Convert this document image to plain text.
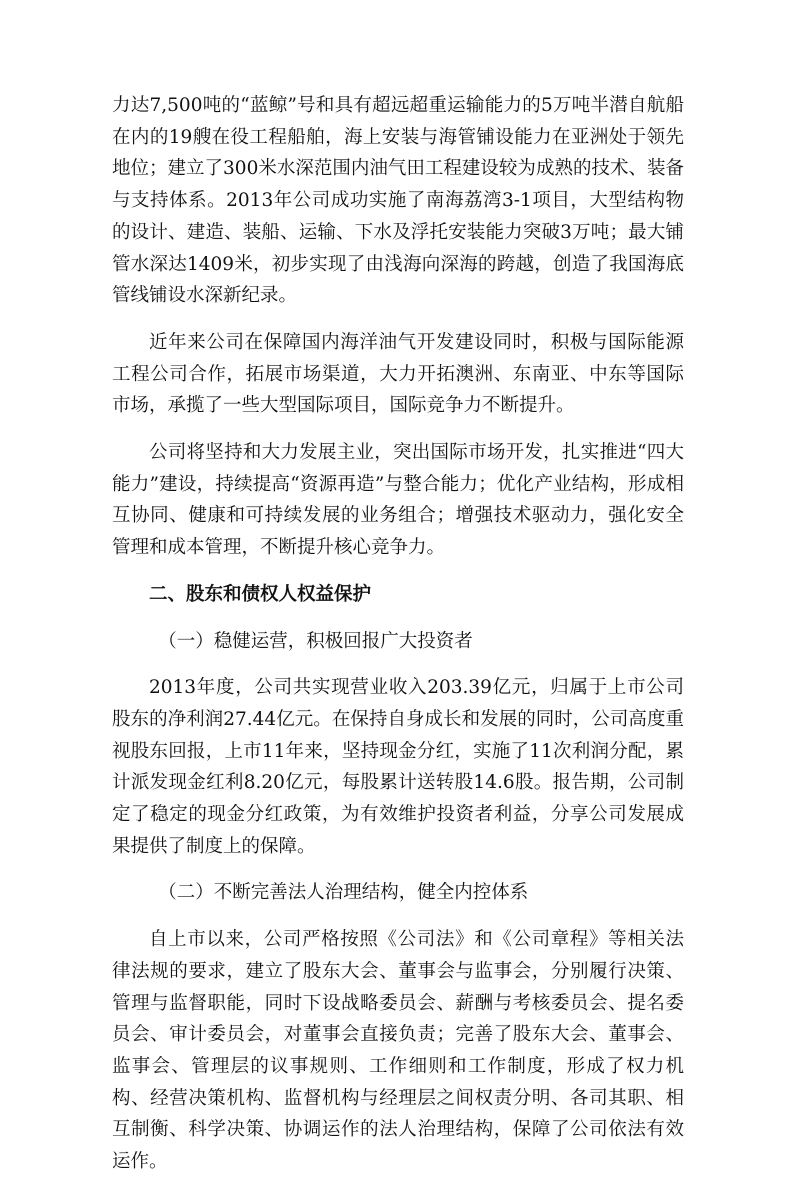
力达7,500吨的“蓝鲸”号和具有超远超重运输能力的5万吨半潜自航船在内的19艘在役工程船舶，海上安装与海管铺设能力在亚洲处于领先地位；建立了300米水深范围内油气田工程建设较为成熟的技术、装备与支持体系。2013年公司成功实施了南海荔湾3-1项目，大型结构物的设计、建造、装船、运输、下水及浮托安装能力突破3万吨；最大铺管水深达1409米，初步实现了由浅海向深海的跨越，创造了我国海底管线铺设水深新纪录。

近年来公司在保障国内海洋油气开发建设同时，积极与国际能源工程公司合作，拓展市场渠道，大力开拓澳洲、东南亚、中东等国际市场，承揽了一些大型国际项目，国际竞争力不断提升。

公司将坚持和大力发展主业，突出国际市场开发，扎实推进“四大能力”建设，持续提高“资源再造”与整合能力；优化产业结构，形成相互协同、健康和可持续发展的业务组合；增强技术驱动力，强化安全管理和成本管理，不断提升核心竞争力。

二、股东和债权人权益保护

（一）稳健运营，积极回报广大投资者

2013年度，公司共实现营业收入203.39亿元，归属于上市公司股东的净利润27.44亿元。在保持自身成长和发展的同时，公司高度重视股东回报，上市11年来，坚持现金分红，实施了11次利润分配，累计派发现金红利8.20亿元，每股累计送转股14.6股。报告期，公司制定了稳定的现金分红政策，为有效维护投资者利益，分享公司发展成果提供了制度上的保障。

（二）不断完善法人治理结构，健全内控体系

自上市以来，公司严格按照《公司法》和《公司章程》等相关法律法规的要求，建立了股东大会、董事会与监事会，分别履行决策、管理与监督职能，同时下设战略委员会、薪酬与考核委员会、提名委员会、审计委员会，对董事会直接负责；完善了股东大会、董事会、监事会、管理层的议事规则、工作细则和工作制度，形成了权力机构、经营决策机构、监督机构与经理层之间权责分明、各司其职、相互制衡、科学决策、协调运作的法人治理结构，保障了公司依法有效运作。
